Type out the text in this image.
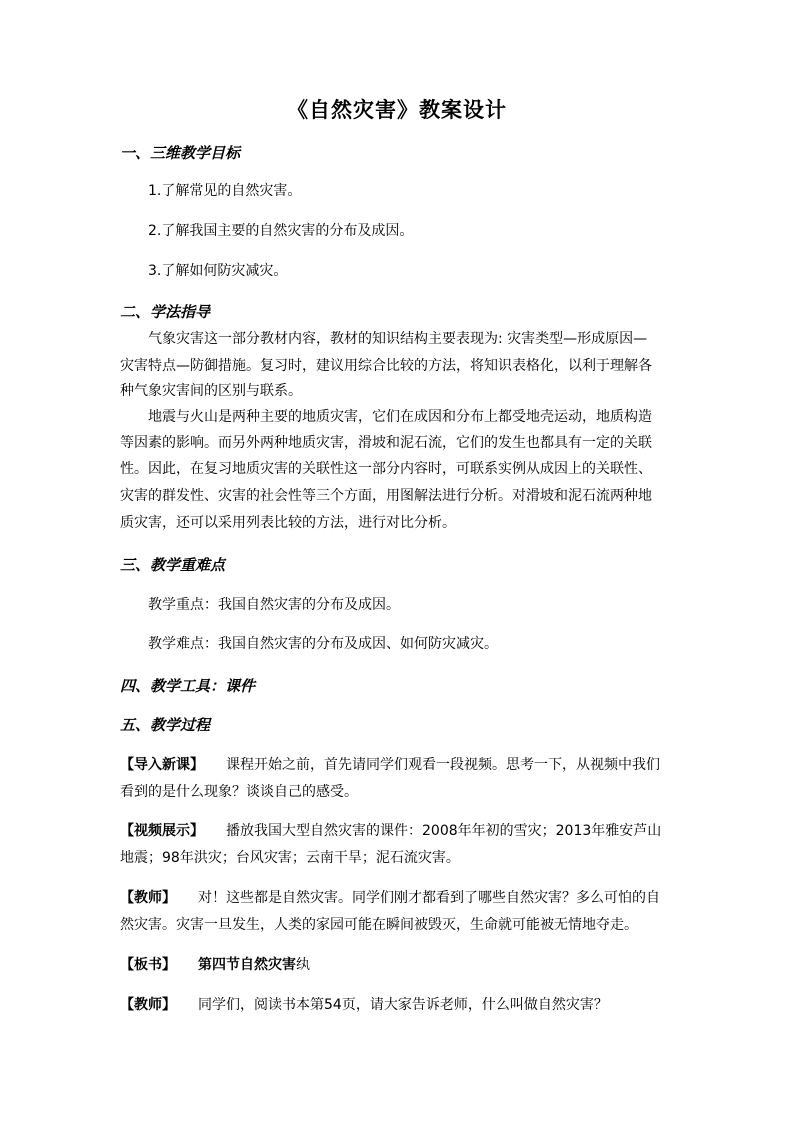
《自然灾害》教案设计
一、三维教学目标
1.了解常见的自然灾害。
2.了解我国主要的自然灾害的分布及成因。
3.了解如何防灾减灾。
二、学法指导
气象灾害这一部分教材内容，教材的知识结构主要表现为: 灾害类型—形成原因—
灾害特点—防御措施。复习时，建议用综合比较的方法，将知识表格化，以利于理解各
种气象灾害间的区别与联系。
地震与火山是两种主要的地质灾害，它们在成因和分布上都受地壳运动，地质构造
等因素的影响。而另外两种地质灾害，滑坡和泥石流，它们的发生也都具有一定的关联
性。因此，在复习地质灾害的关联性这一部分内容时，可联系实例从成因上的关联性、
灾害的群发性、灾害的社会性等三个方面，用图解法进行分析。对滑坡和泥石流两种地
质灾害，还可以采用列表比较的方法，进行对比分析。
三、教学重难点
教学重点：我国自然灾害的分布及成因。
教学难点：我国自然灾害的分布及成因、如何防灾减灾。
四、教学工具：课件
五、教学过程
【导入新课】 课程开始之前，首先请同学们观看一段视频。思考一下，从视频中我们
看到的是什么现象？谈谈自己的感受。
【视频展示】 播放我国大型自然灾害的课件：2008年年初的雪灾；2013年雅安芦山
地震；98年洪灾；台风灾害；云南干旱；泥石流灾害。
【教师】 对！这些都是自然灾害。同学们刚才都看到了哪些自然灾害？多么可怕的自
然灾害。灾害一旦发生，人类的家园可能在瞬间被毁灭，生命就可能被无情地夺走。
【板书】 第四节自然灾害纨
【教师】 同学们，阅读书本第54页，请大家告诉老师，什么叫做自然灾害？
